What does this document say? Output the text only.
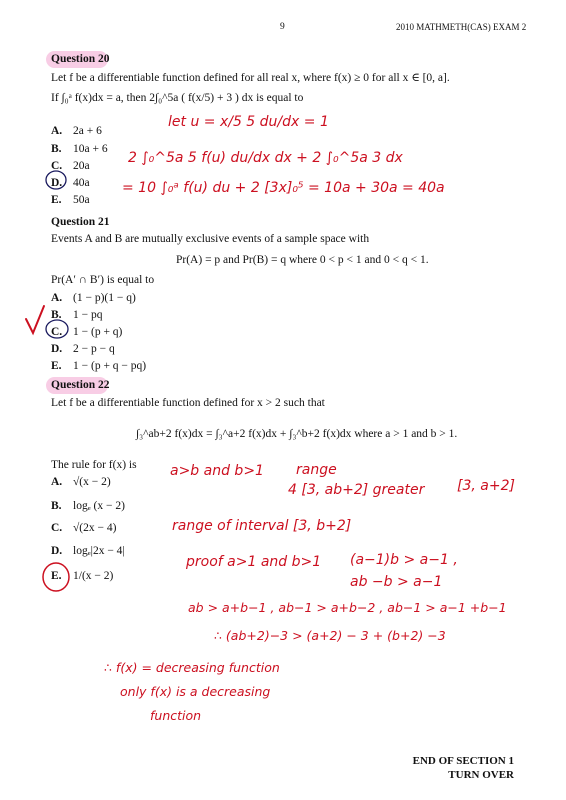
9	2010 MATHMETH(CAS) EXAM 2
Question 20
Let f be a differentiable function defined for all real x, where f(x) ≥ 0 for all x ∈ [0, a].
If ∫₀ᵃ f(x)dx = a, then 2∫₀^5a ( f(x/5) + 3 ) dx is equal to
A. 2a + 6
B. 10a + 6
C. 20a
D. 40a
E. 50a
let u = x/5 5 du/dx = 1
2 ∫₀^5a 5 f(u) du/dx dx + 2 ∫₀^5a 3 dx
= 10 ∫₀ᵃ f(u) du + 2 [3x]₀⁵ = 10a + 30a = 40a
Question 21
Events A and B are mutually exclusive events of a sample space with
Pr(A) = p and Pr(B) = q where 0 < p < 1 and 0 < q < 1.
Pr(A′ ∩ B′) is equal to
A. (1 − p)(1 − q)
B. 1 − pq
C. 1 − (p + q)
D. 2 − p − q
E. 1 − (p + q − pq)
Question 22
Let f be a differentiable function defined for x > 2 such that
∫₃^ab+2 f(x)dx = ∫₃^a+2 f(x)dx + ∫₃^b+2 f(x)dx where a > 1 and b > 1.
The rule for f(x) is
A. √(x − 2)
B. logₑ (x − 2)
C. √(2x − 4)
D. logₑ|2x − 4|
E. 1/(x − 2)
a>b and b>1 range
4 [3, ab+2] greater [3, a+2]
range of interval [3, b+2]
proof a>1 and b>1 (a−1)b > a−1 ,
ab −b > a−1
ab > a+b−1 , ab−1 > a+b−2 , ab−1 > a−1 +b−1
∴ (ab+2)−3 > (a+2) − 3 + (b+2) −3
∴ f(x) = decreasing function
only f(x) is a decreasing
function
END OF SECTION 1
TURN OVER
